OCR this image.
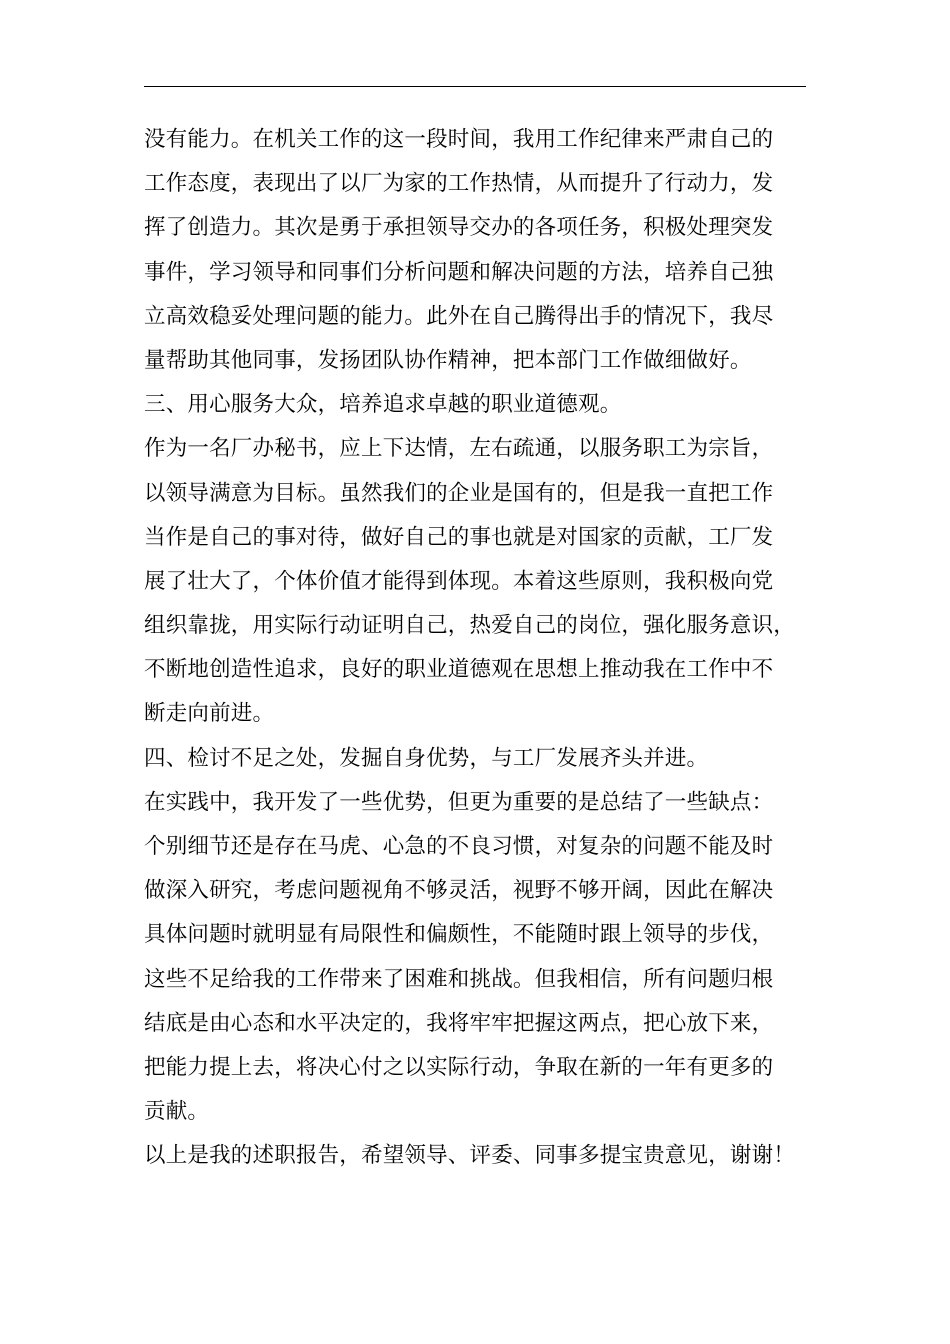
没有能力。在机关工作的这一段时间，我用工作纪律来严肃自己的
工作态度，表现出了以厂为家的工作热情，从而提升了行动力，发
挥了创造力。其次是勇于承担领导交办的各项任务，积极处理突发
事件，学习领导和同事们分析问题和解决问题的方法，培养自己独
立高效稳妥处理问题的能力。此外在自己腾得出手的情况下，我尽
量帮助其他同事，发扬团队协作精神，把本部门工作做细做好。
三、用心服务大众，培养追求卓越的职业道德观。
作为一名厂办秘书，应上下达情，左右疏通，以服务职工为宗旨，
以领导满意为目标。虽然我们的企业是国有的，但是我一直把工作
当作是自己的事对待，做好自己的事也就是对国家的贡献，工厂发
展了壮大了，个体价值才能得到体现。本着这些原则，我积极向党
组织靠拢，用实际行动证明自己，热爱自己的岗位，强化服务意识，
不断地创造性追求，良好的职业道德观在思想上推动我在工作中不
断走向前进。
四、检讨不足之处，发掘自身优势，与工厂发展齐头并进。
在实践中，我开发了一些优势，但更为重要的是总结了一些缺点：
个别细节还是存在马虎、心急的不良习惯，对复杂的问题不能及时
做深入研究，考虑问题视角不够灵活，视野不够开阔，因此在解决
具体问题时就明显有局限性和偏颇性，不能随时跟上领导的步伐，
这些不足给我的工作带来了困难和挑战。但我相信，所有问题归根
结底是由心态和水平决定的，我将牢牢把握这两点，把心放下来，
把能力提上去，将决心付之以实际行动，争取在新的一年有更多的
贡献。
以上是我的述职报告，希望领导、评委、同事多提宝贵意见，谢谢！
